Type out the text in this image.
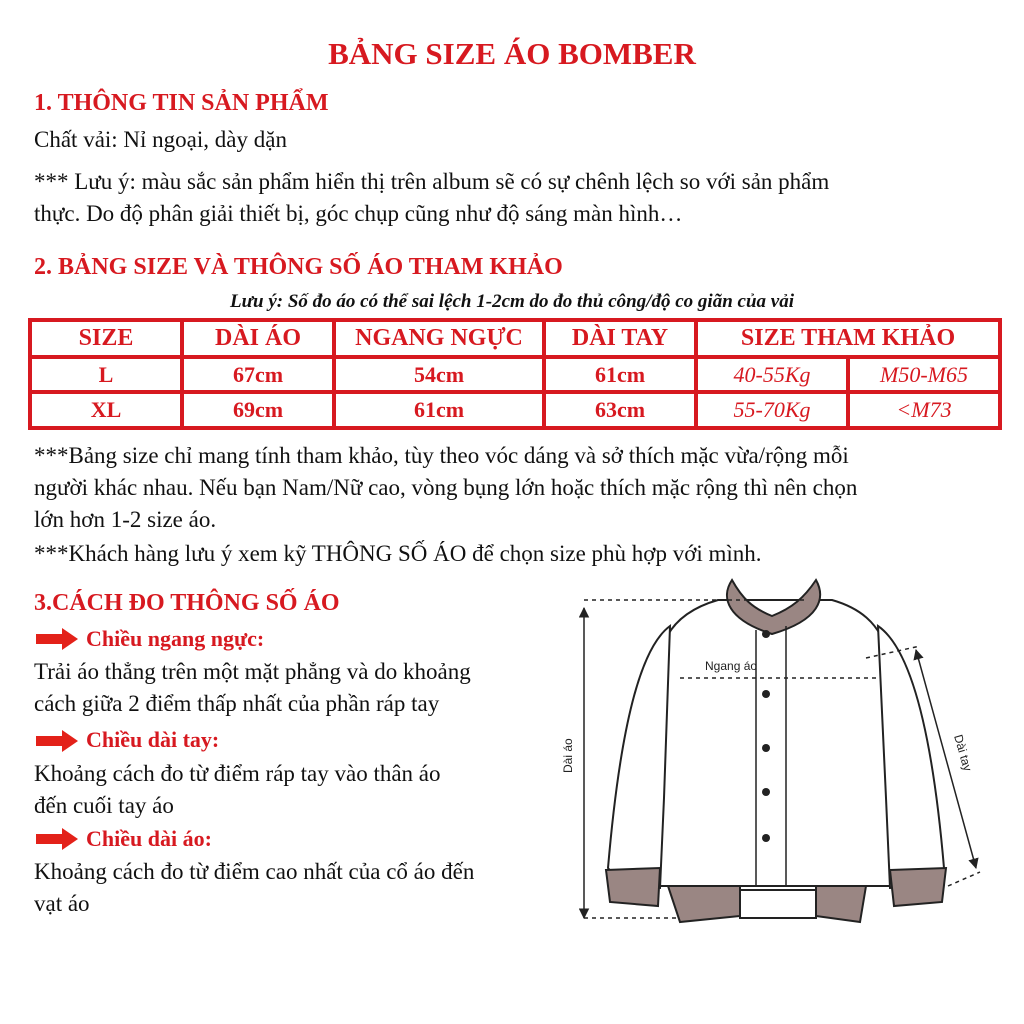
BẢNG SIZE ÁO BOMBER
1. THÔNG TIN SẢN PHẨM
Chất vải: Nỉ ngoại, dày dặn
*** Lưu ý: màu sắc sản phẩm hiển thị trên album sẽ có sự chênh lệch so với sản phẩm
thực. Do độ phân giải thiết bị, góc chụp cũng như độ sáng màn hình…
2. BẢNG SIZE VÀ THÔNG SỐ ÁO THAM KHẢO
Lưu ý: Số đo áo có thể sai lệch 1-2cm do đo thủ công/độ co giãn của vải
SIZE	DÀI ÁO	NGANG NGỰC	DÀI TAY	SIZE THAM KHẢO	
L	67cm	54cm	61cm	40-55Kg	M50-M65
XL	69cm	61cm	63cm	55-70Kg	<M73
***Bảng size chỉ mang tính tham khảo, tùy theo vóc dáng và sở thích mặc vừa/rộng mỗi
người khác nhau. Nếu bạn Nam/Nữ cao, vòng bụng lớn hoặc thích mặc rộng thì nên chọn
lớn hơn 1-2 size áo.
***Khách hàng lưu ý xem kỹ THÔNG SỐ ÁO để chọn size phù hợp với mình.
3.CÁCH ĐO THÔNG SỐ ÁO
Chiều ngang ngực:
Trải áo thẳng trên một mặt phẳng và do khoảng
cách giữa 2 điểm thấp nhất của phần ráp tay
Chiều dài tay:
Khoảng cách đo từ điểm ráp tay vào thân áo
đến cuối tay áo
Chiều dài áo:
Khoảng cách đo từ điểm cao nhất của cổ áo đến
vạt áo
Ngang áo
Dài áo	Dài tay
